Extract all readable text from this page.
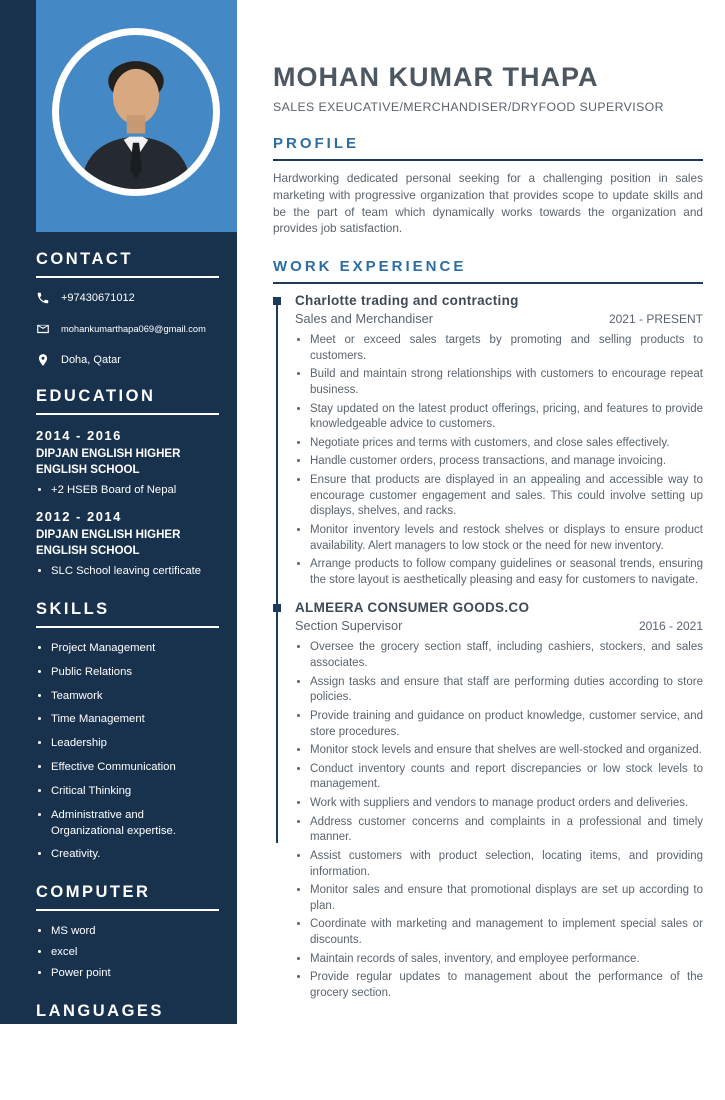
CONTACT
+97430671012
mohankumarthapa069@gmail.com
Doha, Qatar
EDUCATION
2014 - 2016
DIPJAN ENGLISH HIGHER ENGLISH SCHOOL
• +2 HSEB Board of Nepal
2012 - 2014
DIPJAN ENGLISH HIGHER ENGLISH SCHOOL
• SLC School leaving certificate
SKILLS
• Project Management
• Public Relations
• Teamwork
• Time Management
• Leadership
• Effective Communication
• Critical Thinking
• Administrative and Organizational expertise.
• Creativity.
COMPUTER
• MS word
• excel
• Power point
LANGUAGES
• English (Fluent)
• Arabic
• Hindi
MOHAN KUMAR THAPA
SALES EXEUCATIVE/MERCHANDISER/DRYFOOD SUPERVISOR
PROFILE

Hardworking dedicated personal seeking for a challenging position in sales marketing with progressive organization that provides scope to update skills and be the part of team which dynamically works towards the organization and provides job satisfaction.

WORK EXPERIENCE
Charlotte trading and contracting
Sales and Merchandiser	2021 - PRESENT
• Meet or exceed sales targets by promoting and selling products to customers.
• Build and maintain strong relationships with customers to encourage repeat business.
• Stay updated on the latest product offerings, pricing, and features to provide knowledgeable advice to customers.
• Negotiate prices and terms with customers, and close sales effectively.
• Handle customer orders, process transactions, and manage invoicing.
• Ensure that products are displayed in an appealing and accessible way to encourage customer engagement and sales. This could involve setting up displays, shelves, and racks.
• Monitor inventory levels and restock shelves or displays to ensure product availability. Alert managers to low stock or the need for new inventory.
• Arrange products to follow company guidelines or seasonal trends, ensuring the store layout is aesthetically pleasing and easy for customers to navigate.
ALMEERA CONSUMER GOODS.CO
Section Supervisor	2016 - 2021
• Oversee the grocery section staff, including cashiers, stockers, and sales associates.
• Assign tasks and ensure that staff are performing duties according to store policies.
• Provide training and guidance on product knowledge, customer service, and store procedures.
• Monitor stock levels and ensure that shelves are well-stocked and organized.
• Conduct inventory counts and report discrepancies or low stock levels to management.
• Work with suppliers and vendors to manage product orders and deliveries.
• Address customer concerns and complaints in a professional and timely manner.
• Assist customers with product selection, locating items, and providing information.
• Monitor sales and ensure that promotional displays are set up according to plan.
• Coordinate with marketing and management to implement special sales or discounts.
• Maintain records of sales, inventory, and employee performance.
• Provide regular updates to management about the performance of the grocery section.
